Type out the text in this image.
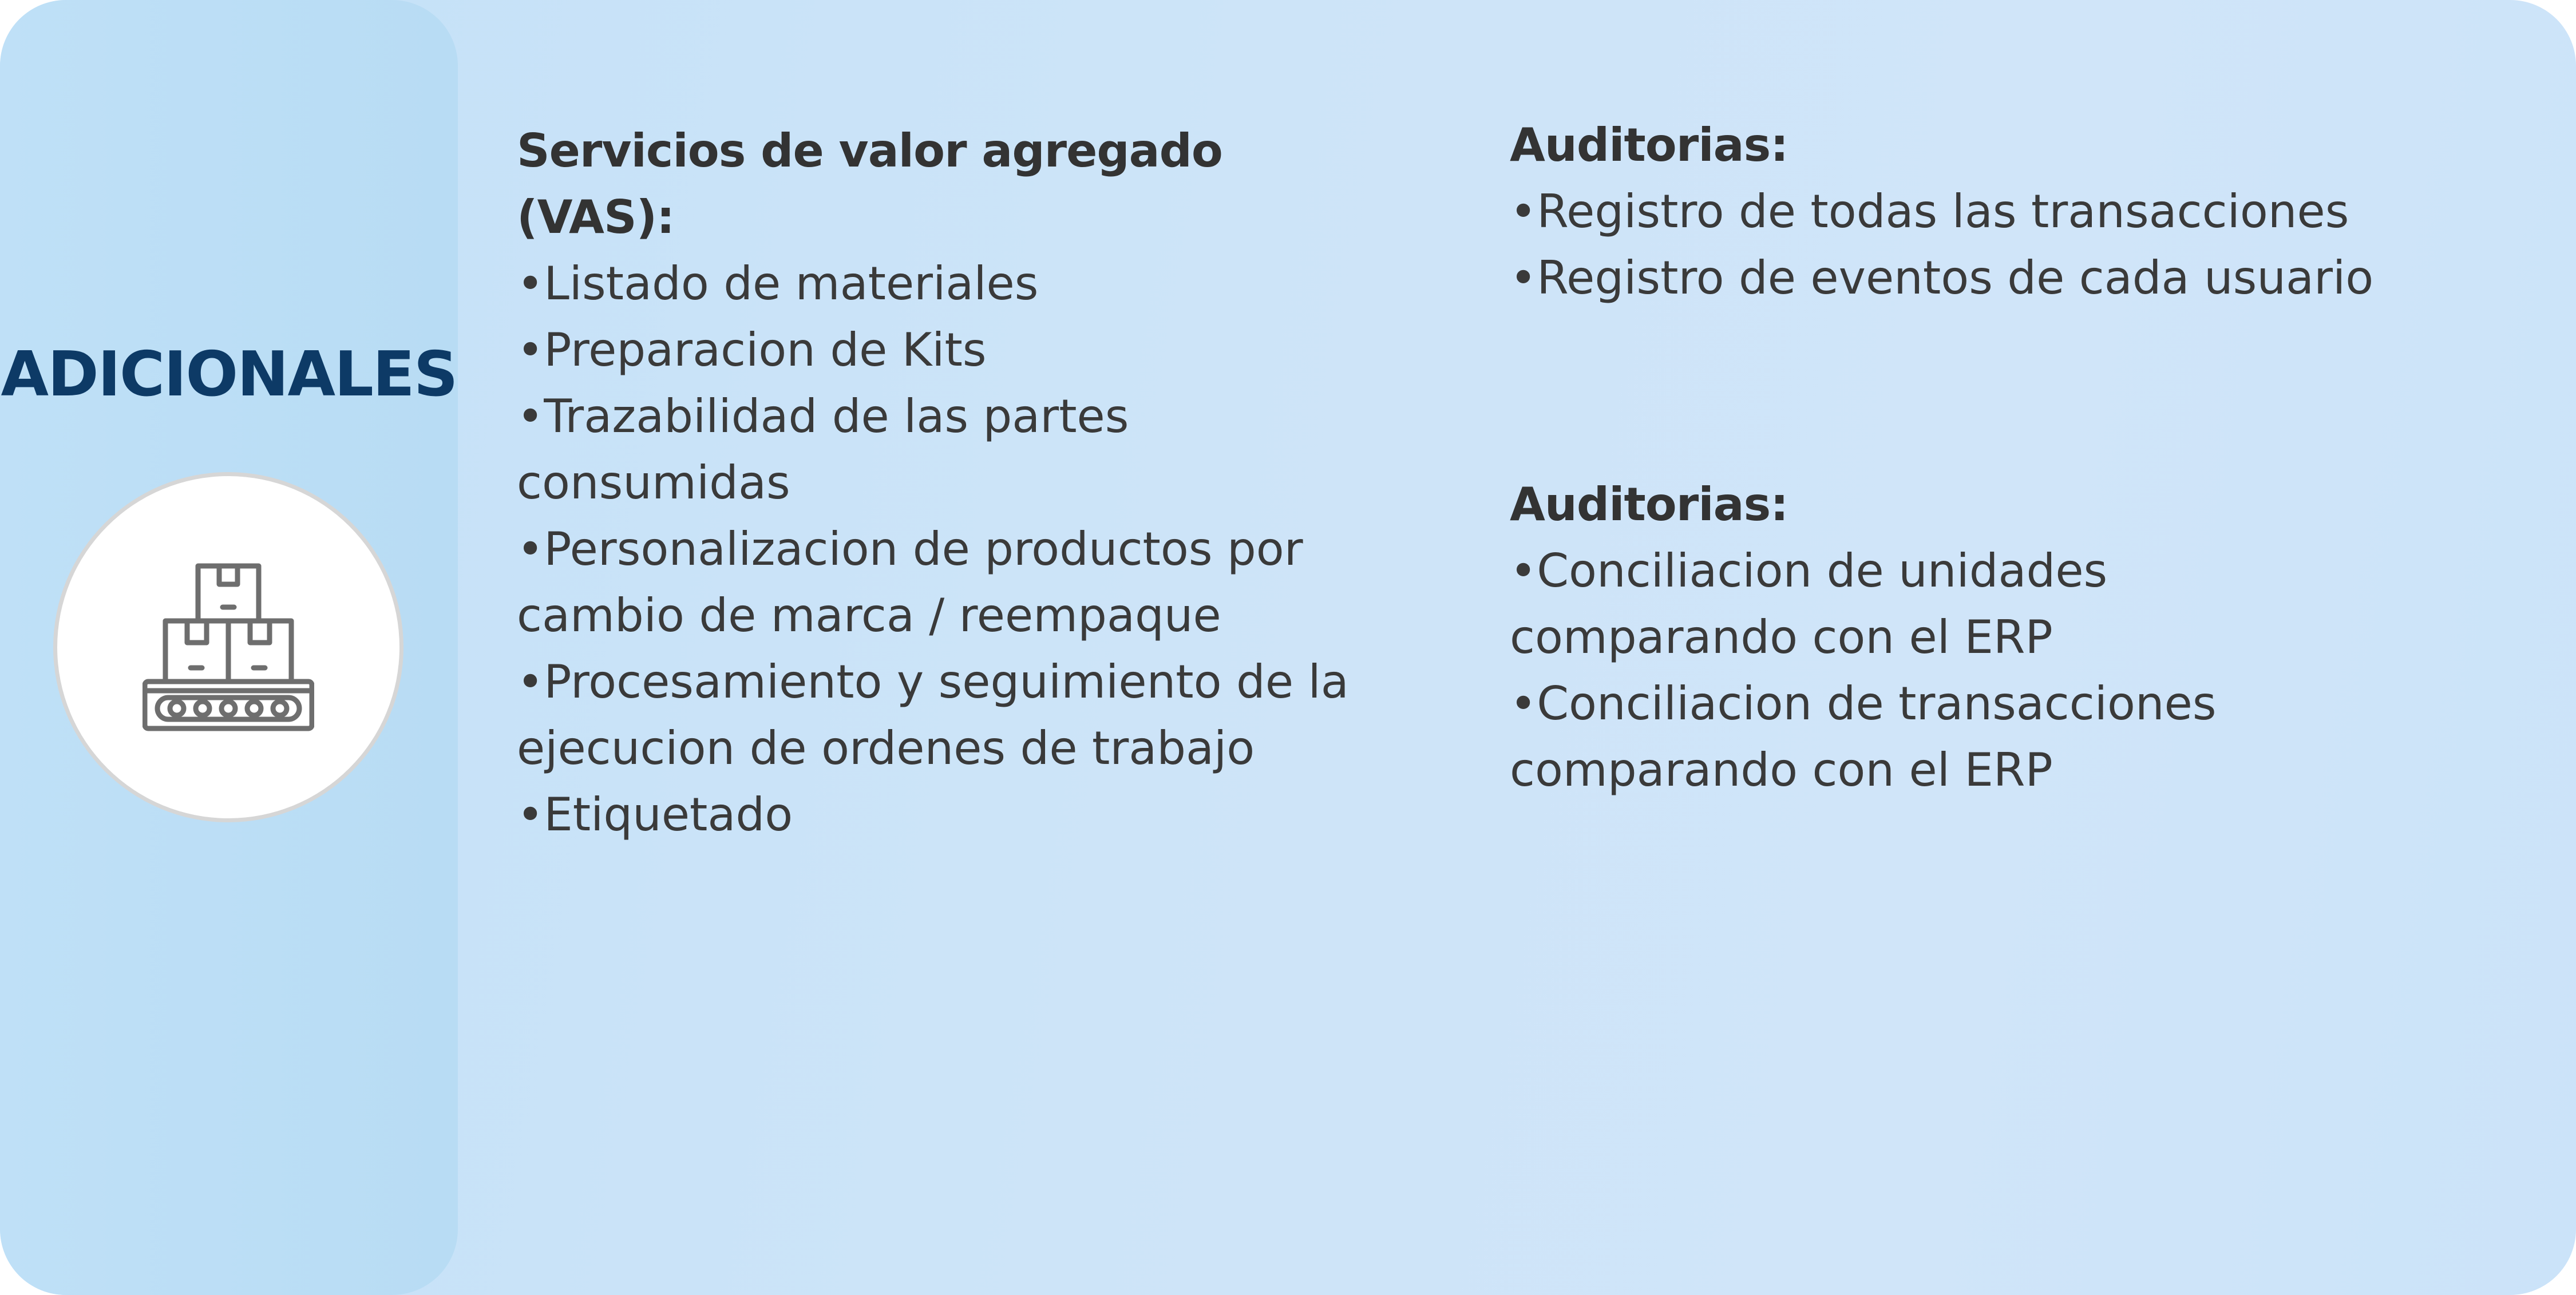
ADICIONALES

Servicios de valor agregado (VAS):

•Listado de materiales

•Preparacion de Kits

•Trazabilidad de las partes

consumidas

•Personalizacion de productos por

cambio de marca / reempaque

•Procesamiento y seguimiento de la

ejecucion de ordenes de trabajo

•Etiquetado

Auditorias:

•Registro de todas las transacciones

•Registro de eventos de cada usuario

Auditorias:

•Conciliacion de unidades

comparando con el ERP

•Conciliacion de transacciones

comparando con el ERP
